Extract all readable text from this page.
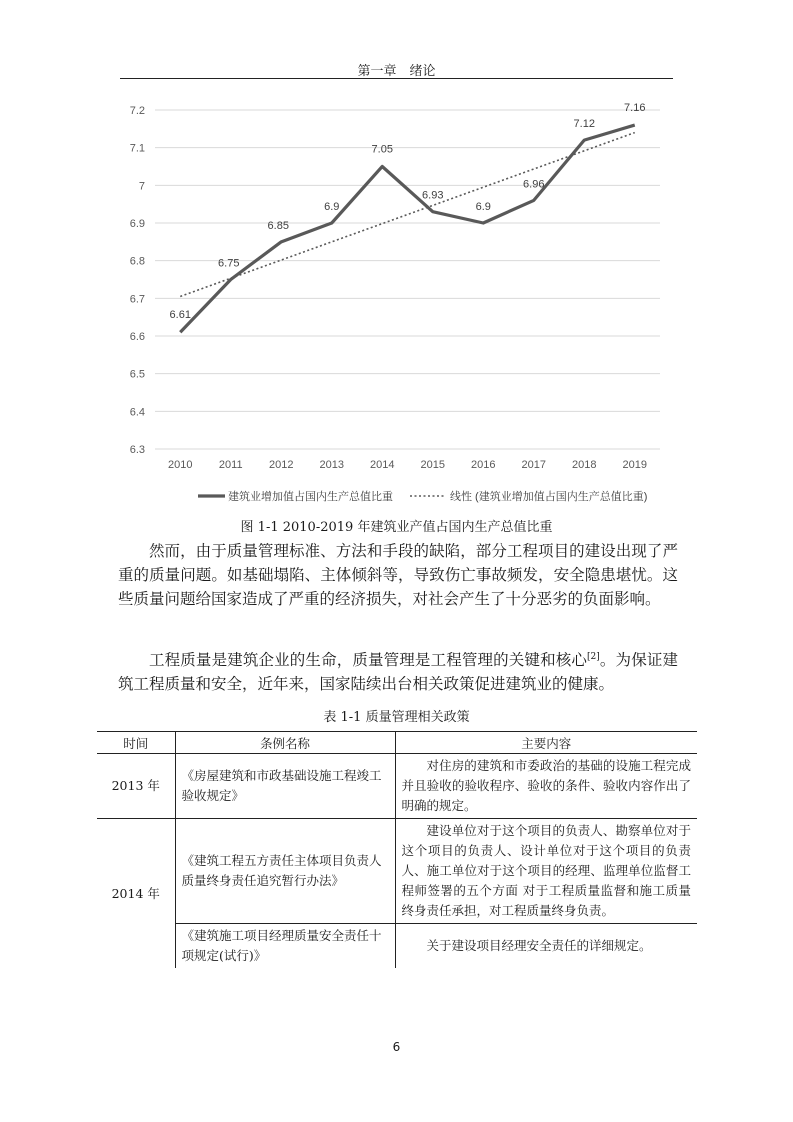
第一章　绪论
6.3
6.4
6.5
6.6
6.7
6.8
6.9
7
7.1
7.2
2010 2011 2012 2013 2014 2015 2016 2017 2018 2019
6.61
6.75
6.85
6.9
7.05
6.93
6.9
6.96
7.12
7.16
建筑业增加值占国内生产总值比重	线性 (建筑业增加值占国内生产总值比重)
图 1-1 2010-2019 年建筑业产值占国内生产总值比重

然而，由于质量管理标准、方法和手段的缺陷，部分工程项目的建设出现了严重的质量问题。如基础塌陷、主体倾斜等，导致伤亡事故频发，安全隐患堪忧。这些质量问题给国家造成了严重的经济损失，对社会产生了十分恶劣的负面影响。

工程质量是建筑企业的生命，质量管理是工程管理的关键和核心[2]。为保证建筑工程质量和安全，近年来，国家陆续出台相关政策促进建筑业的健康。

表 1-1 质量管理相关政策
时间	条例名称	主要内容
2013 年	《房屋建筑和市政基础设施工程竣工验收规定》	对住房的建筑和市委政治的基础的设施工程完成并且验收的验收程序、验收的条件、验收内容作出了明确的规定。
2014 年	《建筑工程五方责任主体项目负责人质量终身责任追究暂行办法》	建设单位对于这个项目的负责人、勘察单位对于这个项目的负责人、设计单位对于这个项目的负责人、施工单位对于这个项目的经理、监理单位监督工程师签署的五个方面 对于工程质量监督和施工质量终身责任承担，对工程质量终身负责。
	《建筑施工项目经理质量安全责任十项规定(试行)》	关于建设项目经理安全责任的详细规定。
6
